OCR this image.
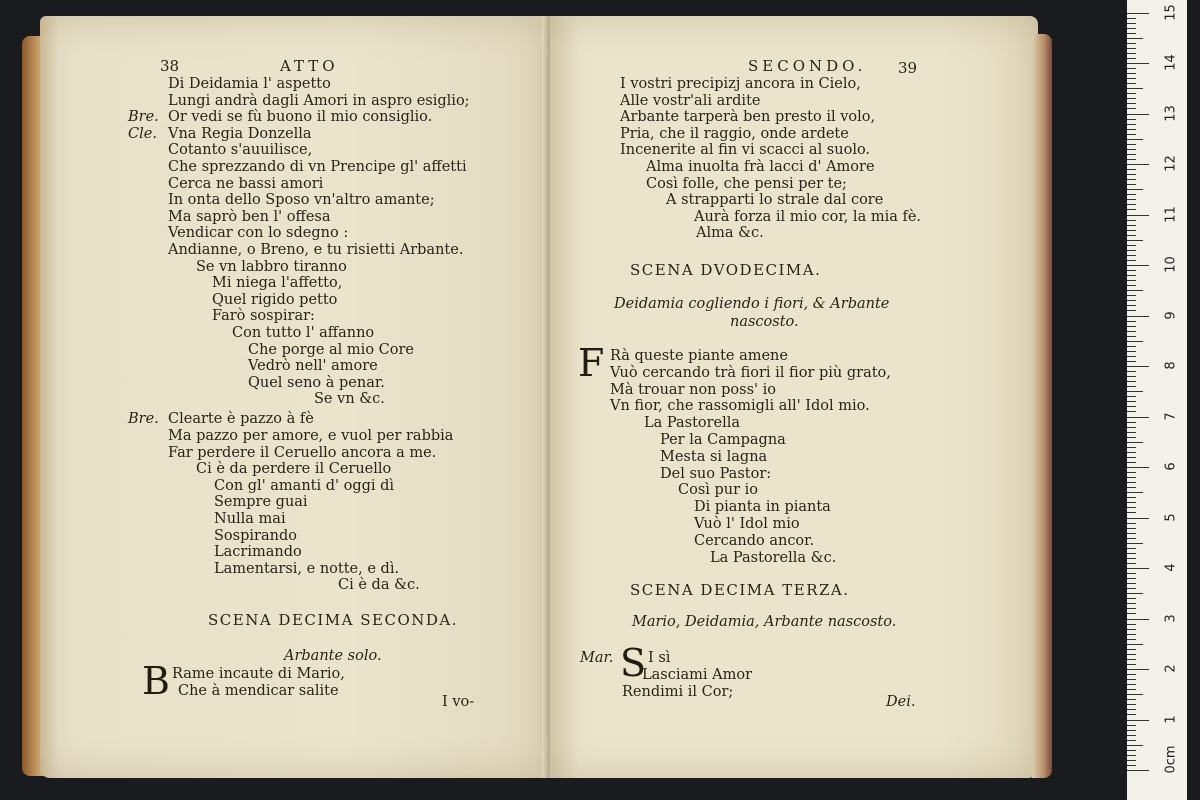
38	ATTO
Di Deidamia l' aspetto
Lungi andrà dagli Amori in aspro esiglio;
Bre. Or vedi se fù buono il mio consiglio.
Cle. Vna Regia Donzella
Cotanto s'auuilisce,
Che sprezzando di vn Prencipe gl' affetti
Cerca ne bassi amori
In onta dello Sposo vn'altro amante;
Ma saprò ben l' offesa
Vendicar con lo sdegno :
Andianne, o Breno, e tu risietti Arbante.
Se vn labbro tiranno
Mi niega l'affetto,
Quel rigido petto
Farò sospirar:
Con tutto l' affanno
Che porge al mio Core
Vedrò nell' amore
Quel seno à penar.
Se vn &c.
Bre. Clearte è pazzo à fè
Ma pazzo per amore, e vuol per rabbia
Far perdere il Ceruello ancora a me.
Ci è da perdere il Ceruello
Con gl' amanti d' oggi dì
Sempre guai
Nulla mai
Sospirando
Lacrimando
Lamentarsi, e notte, e dì.
Ci è da &c.
SCENA DECIMA SECONDA.
Arbante solo.
B Rame incaute di Mario,
Che à mendicar salite
I vo-
SECONDO. 39
I vostri precipizj ancora in Cielo,
Alle vostr'ali ardite
Arbante tarperà ben presto il volo,
Pria, che il raggio, onde ardete
Incenerite al fin vi scacci al suolo.
Alma inuolta frà lacci d' Amore
Così folle, che pensi per te;
A strapparti lo strale dal core
Aurà forza il mio cor, la mia fè.
Alma &c.
SCENA DVODECIMA.
Deidamia cogliendo i fiori, & Arbante
nascosto.
F Rà queste piante amene
Vuò cercando trà fiori il fior più grato,
Mà trouar non poss' io
Vn fior, che rassomigli all' Idol mio.
La Pastorella
Per la Campagna
Mesta si lagna
Del suo Pastor:
Così pur io
Di pianta in pianta
Vuò l' Idol mio
Cercando ancor.
La Pastorella &c.
SCENA DECIMA TERZA.
Mario, Deidamia, Arbante nascosto.
Mar. S I sì
Lasciami Amor
Rendimi il Cor;
Dei.
0cm
1
2
3
4
5
6
7
8
9
10
11
12
13
14
15
